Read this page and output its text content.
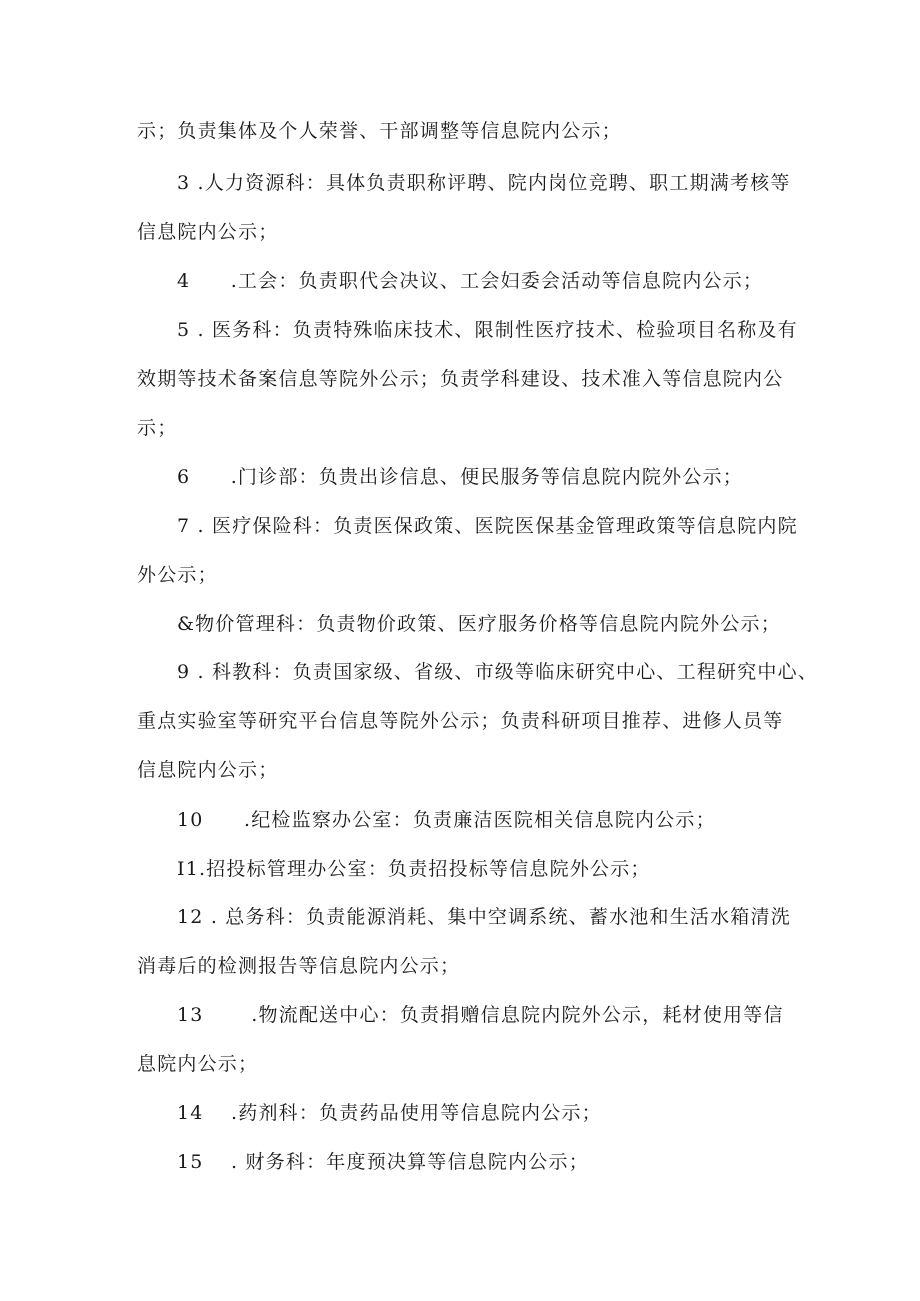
示；负责集体及个人荣誉、干部调整等信息院内公示；
3 .人力资源科：具体负责职称评聘、院内岗位竞聘、职工期满考核等
信息院内公示；
4　　.工会：负责职代会决议、工会妇委会活动等信息院内公示；
5 . 医务科：负责特殊临床技术、限制性医疗技术、检验项目名称及有
效期等技术备案信息等院外公示；负责学科建设、技术准入等信息院内公
示；
6　　.门诊部：负贵出诊信息、便民服务等信息院内院外公示；
7 . 医疗保险科：负责医保政策、医院医保基金管理政策等信息院内院
外公示；
&物价管理科：负责物价政策、医疗服务价格等信息院内院外公示；
9 . 科教科：负责国家级、省级、市级等临床研究中心、工程研究中心、
重点实验室等研究平台信息等院外公示；负责科研项目推荐、进修人员等
信息院内公示；
10　　.纪检监察办公室：负责廉洁医院相关信息院内公示；
I1.招投标管理办公室：负责招投标等信息院外公示；
12 . 总务科：负责能源消耗、集中空调系统、蓄水池和生活水箱清洗
消毒后的检测报告等信息院内公示；
13　　 .物流配送中心：负责捐赠信息院内院外公示，耗材使用等信
息院内公示；
14　 .药剂科：负责药品使用等信息院内公示；
15　 . 财务科：年度预决算等信息院内公示；
